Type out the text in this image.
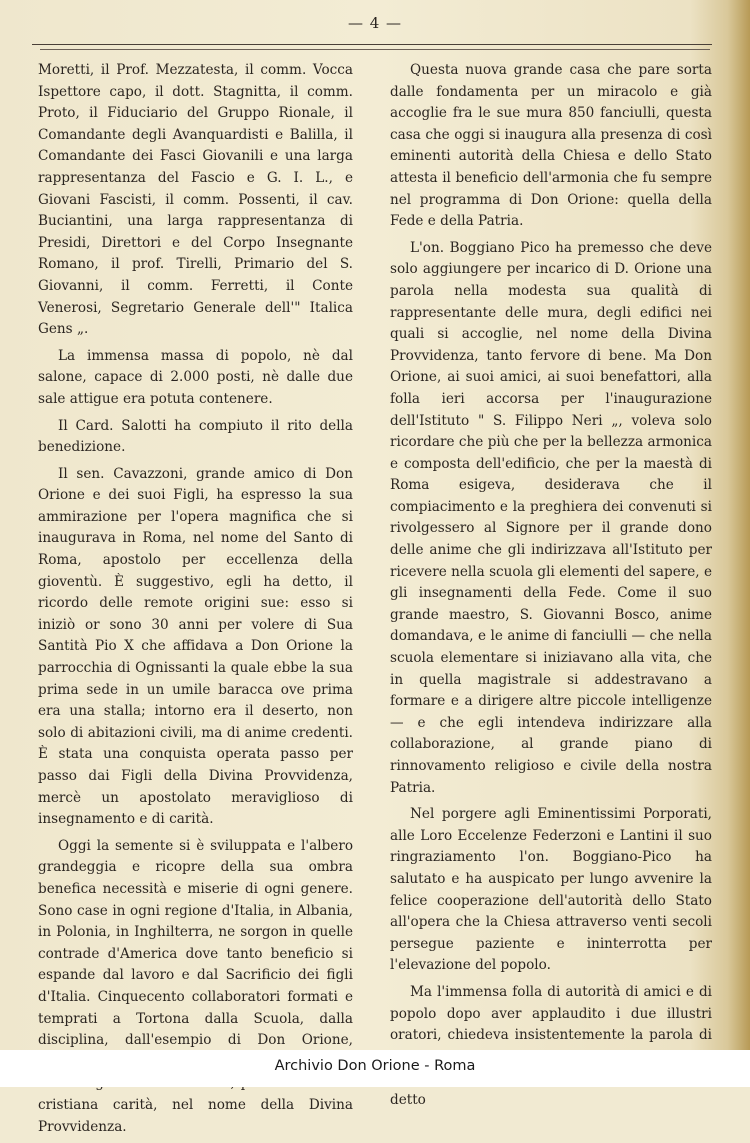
— 4 —

Moretti, il Prof. Mezzatesta, il comm. Vocca Ispettore capo, il dott. Stagnitta, il comm. Proto, il Fiduciario del Gruppo Rionale, il Comandante degli Avanquardisti e Balilla, il Comandante dei Fasci Giovanili e una larga rappresentanza del Fascio e G. I. L., e Giovani Fascisti, il comm. Possenti, il cav. Buciantini, una larga rappresentanza di Presidi, Direttori e del Corpo Insegnante Romano, il prof. Tirelli, Primario del S. Giovanni, il comm. Ferretti, il Conte Venerosi, Segretario Generale dell'" Italica Gens „.

La immensa massa di popolo, nè dal salone, capace di 2.000 posti, nè dalle due sale attigue era potuta contenere.

Il Card. Salotti ha compiuto il rito della benedizione.

Il sen. Cavazzoni, grande amico di Don Orione e dei suoi Figli, ha espresso la sua ammirazione per l'opera magnifica che si inaugurava in Roma, nel nome del Santo di Roma, apostolo per eccellenza della gioventù. È suggestivo, egli ha detto, il ricordo delle remote origini sue: esso si iniziò or sono 30 anni per volere di Sua Santità Pio X che affidava a Don Orione la parrocchia di Ognissanti la quale ebbe la sua prima sede in un umile baracca ove prima era una stalla; intorno era il deserto, non solo di abitazioni civili, ma di anime credenti. È stata una conquista operata passo per passo dai Figli della Divina Provvidenza, mercè un apostolato meraviglioso di insegnamento e di carità.

Oggi la semente si è sviluppata e l'albero grandeggia e ricopre della sua ombra benefica necessità e miserie di ogni genere. Sono case in ogni regione d'Italia, in Albania, in Polonia, in Inghilterra, ne sorgon in quelle contrade d'America dove tanto beneficio si espande dal lavoro e dal Sacrificio dei figli d'Italia. Cinquecento collaboratori formati e temprati a Tortona dalla Scuola, dalla disciplina, dall'esempio di Don Orione, cristiana carità, nel nome della Divina Provvidenza.

Questa nuova grande casa che pare sorta dalle fondamenta per un miracolo e già accoglie fra le sue mura 850 fanciulli, questa casa che oggi si inaugura alla presenza di così eminenti autorità della Chiesa e dello Stato attesta il beneficio dell'armonia che fu sempre nel programma di Don Orione: quella della Fede e della Patria.

L'on. Boggiano Pico ha premesso che deve solo aggiungere per incarico di D. Orione una parola nella modesta sua qualità di rappresentante delle mura, degli edifici nei quali si accoglie, nel nome della Divina Provvidenza, tanto fervore di bene. Ma Don Orione, ai suoi amici, ai suoi benefattori, alla folla ieri accorsa per l'inaugurazione dell'Istituto " S. Filippo Neri „, voleva solo ricordare che più che per la bellezza armonica e composta dell'edificio, che per la maestà di Roma esigeva, desiderava che il compiacimento e la preghiera dei convenuti si rivolgessero al Signore per il grande dono delle anime che gli indirizzava all'Istituto per ricevere nella scuola gli elementi del sapere, e gli insegnamenti della Fede. Come il suo grande maestro, S. Giovanni Bosco, anime domandava, e le anime di fanciulli — che nella scuola elementare si iniziavano alla vita, che in quella magistrale si addestravano a formare e a dirigere altre piccole intelligenze — e che egli intendeva indirizzare alla collaborazione, al grande piano di rinnovamento religioso e civile della nostra Patria.

Nel porgere agli Eminentissimi Porporati, alle Loro Eccelenze Federzoni e Lantini il suo ringraziamento l'on. Boggiano-Pico ha salutato e ha auspicato per lungo avvenire la felice cooperazione dell'autorità dello Stato all'opera che la Chiesa attraverso venti secoli persegue paziente e ininterrotta per l'elevazione del popolo.

Ma l'immensa folla di autorità di amici e di popolo dopo aver applaudito i due illustri oratori, chiedeva insistentemente la parola di detto

Archivio Don Orione - Roma
